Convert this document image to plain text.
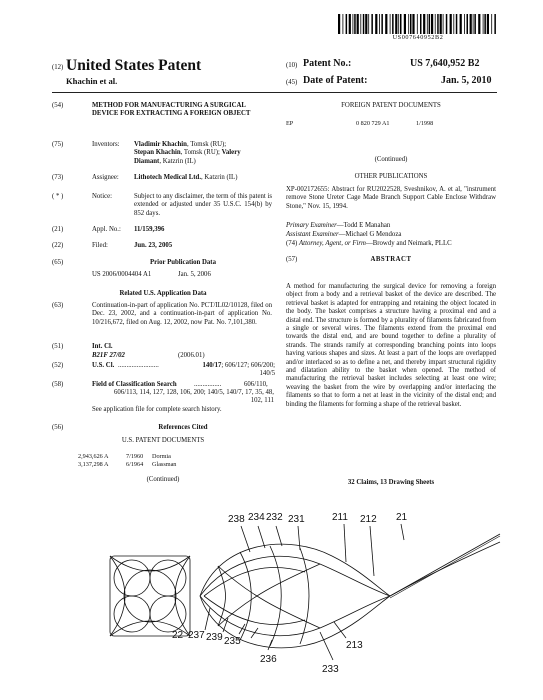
US007640952B2
(12) United States Patent
Khachin et al.
(10) Patent No.:	US 7,640,952 B2
(45) Date of Patent:	Jan. 5, 2010
(54)	METHOD FOR MANUFACTURING A SURGICAL DEVICE FOR EXTRACTING A FOREIGN OBJECT
(75)	Inventors: Vladimir Khachin, Tomsk (RU);
Stepan Khachin, Tomsk (RU); Valery
Diamant, Katzrin (IL)
(73)	Assignee: Lithotech Medical Ltd., Katzrin (IL)
( * )	Notice:	Subject to any disclaimer, the term of this patent is extended or adjusted under 35 U.S.C. 154(b) by 852 days.
(21)	Appl. No.: 11/159,396
(22)	Filed:	Jun. 23, 2005
(65)	Prior Publication Data
US 2006/0004404 A1	Jan. 5, 2006
Related U.S. Application Data
(63)	Continuation-in-part of application No. PCT/IL02/10128, filed on Dec. 23, 2002, and a continuation-in-part of application No. 10/216,672, filed on Aug. 12, 2002, now Pat. No. 7,101,380.
(51)	Int. Cl.
B21F 27/02	(2006.01)
(52)	U.S. Cl. ........................	140/17; 606/127; 606/200; 140/5
(58)	Field of Classification Search	................	606/110,
606/113, 114, 127, 128, 106, 200; 140/5, 140/7, 17, 35, 48, 102, 111
See application file for complete search history.
(56)	References Cited
U.S. PATENT DOCUMENTS
2,943,626 A	7/1960 Dormia
3,137,298 A	6/1964 Glassman
(Continued)
FOREIGN PATENT DOCUMENTS
EP	0 820 729 A1	1/1998
(Continued)
OTHER PUBLICATIONS
XP-002172655: Abstract for RU2022528, Sveshnikov, A. et al, "instrument remove Stone Ureter Cage Made Branch Support Cable Enclose Withdraw Stone," Nov. 15, 1994.
Primary Examiner—Todd E Manahan
Assistant Examiner—Michael G Mendoza
(74) Attorney, Agent, or Firm—Browdy and Neimark, PLLC
(57)	ABSTRACT
A method for manufacturing the surgical device for removing a foreign object from a body and a retrieval basket of the device are described. The retrieval basket is adapted for entrapping and retaining the object located in the body. The basket comprises a structure having a proximal end and a distal end. The structure is formed by a plurality of filaments fabricated from a single or several wires. The filaments extend from the proximal end towards the distal end, and are bound together to define a plurality of strands. The strands ramify at corresponding branching points into loops having various shapes and sizes. At least a part of the loops are overlapped and/or interlaced so as to define a net, and thereby impart structural rigidity and dilatation ability to the basket when opened. The method of manufacturing the retrieval basket includes selecting at least one wire; weaving the basket from the wire by overlapping and/or interlacing the filaments so that to form a net at least in the vicinity of the distal end; and binding the filaments for forming a shape of the retrieval basket.
32 Claims, 13 Drawing Sheets
238 234 232 231	211 212 21
22 237 239 235
236
233
213
